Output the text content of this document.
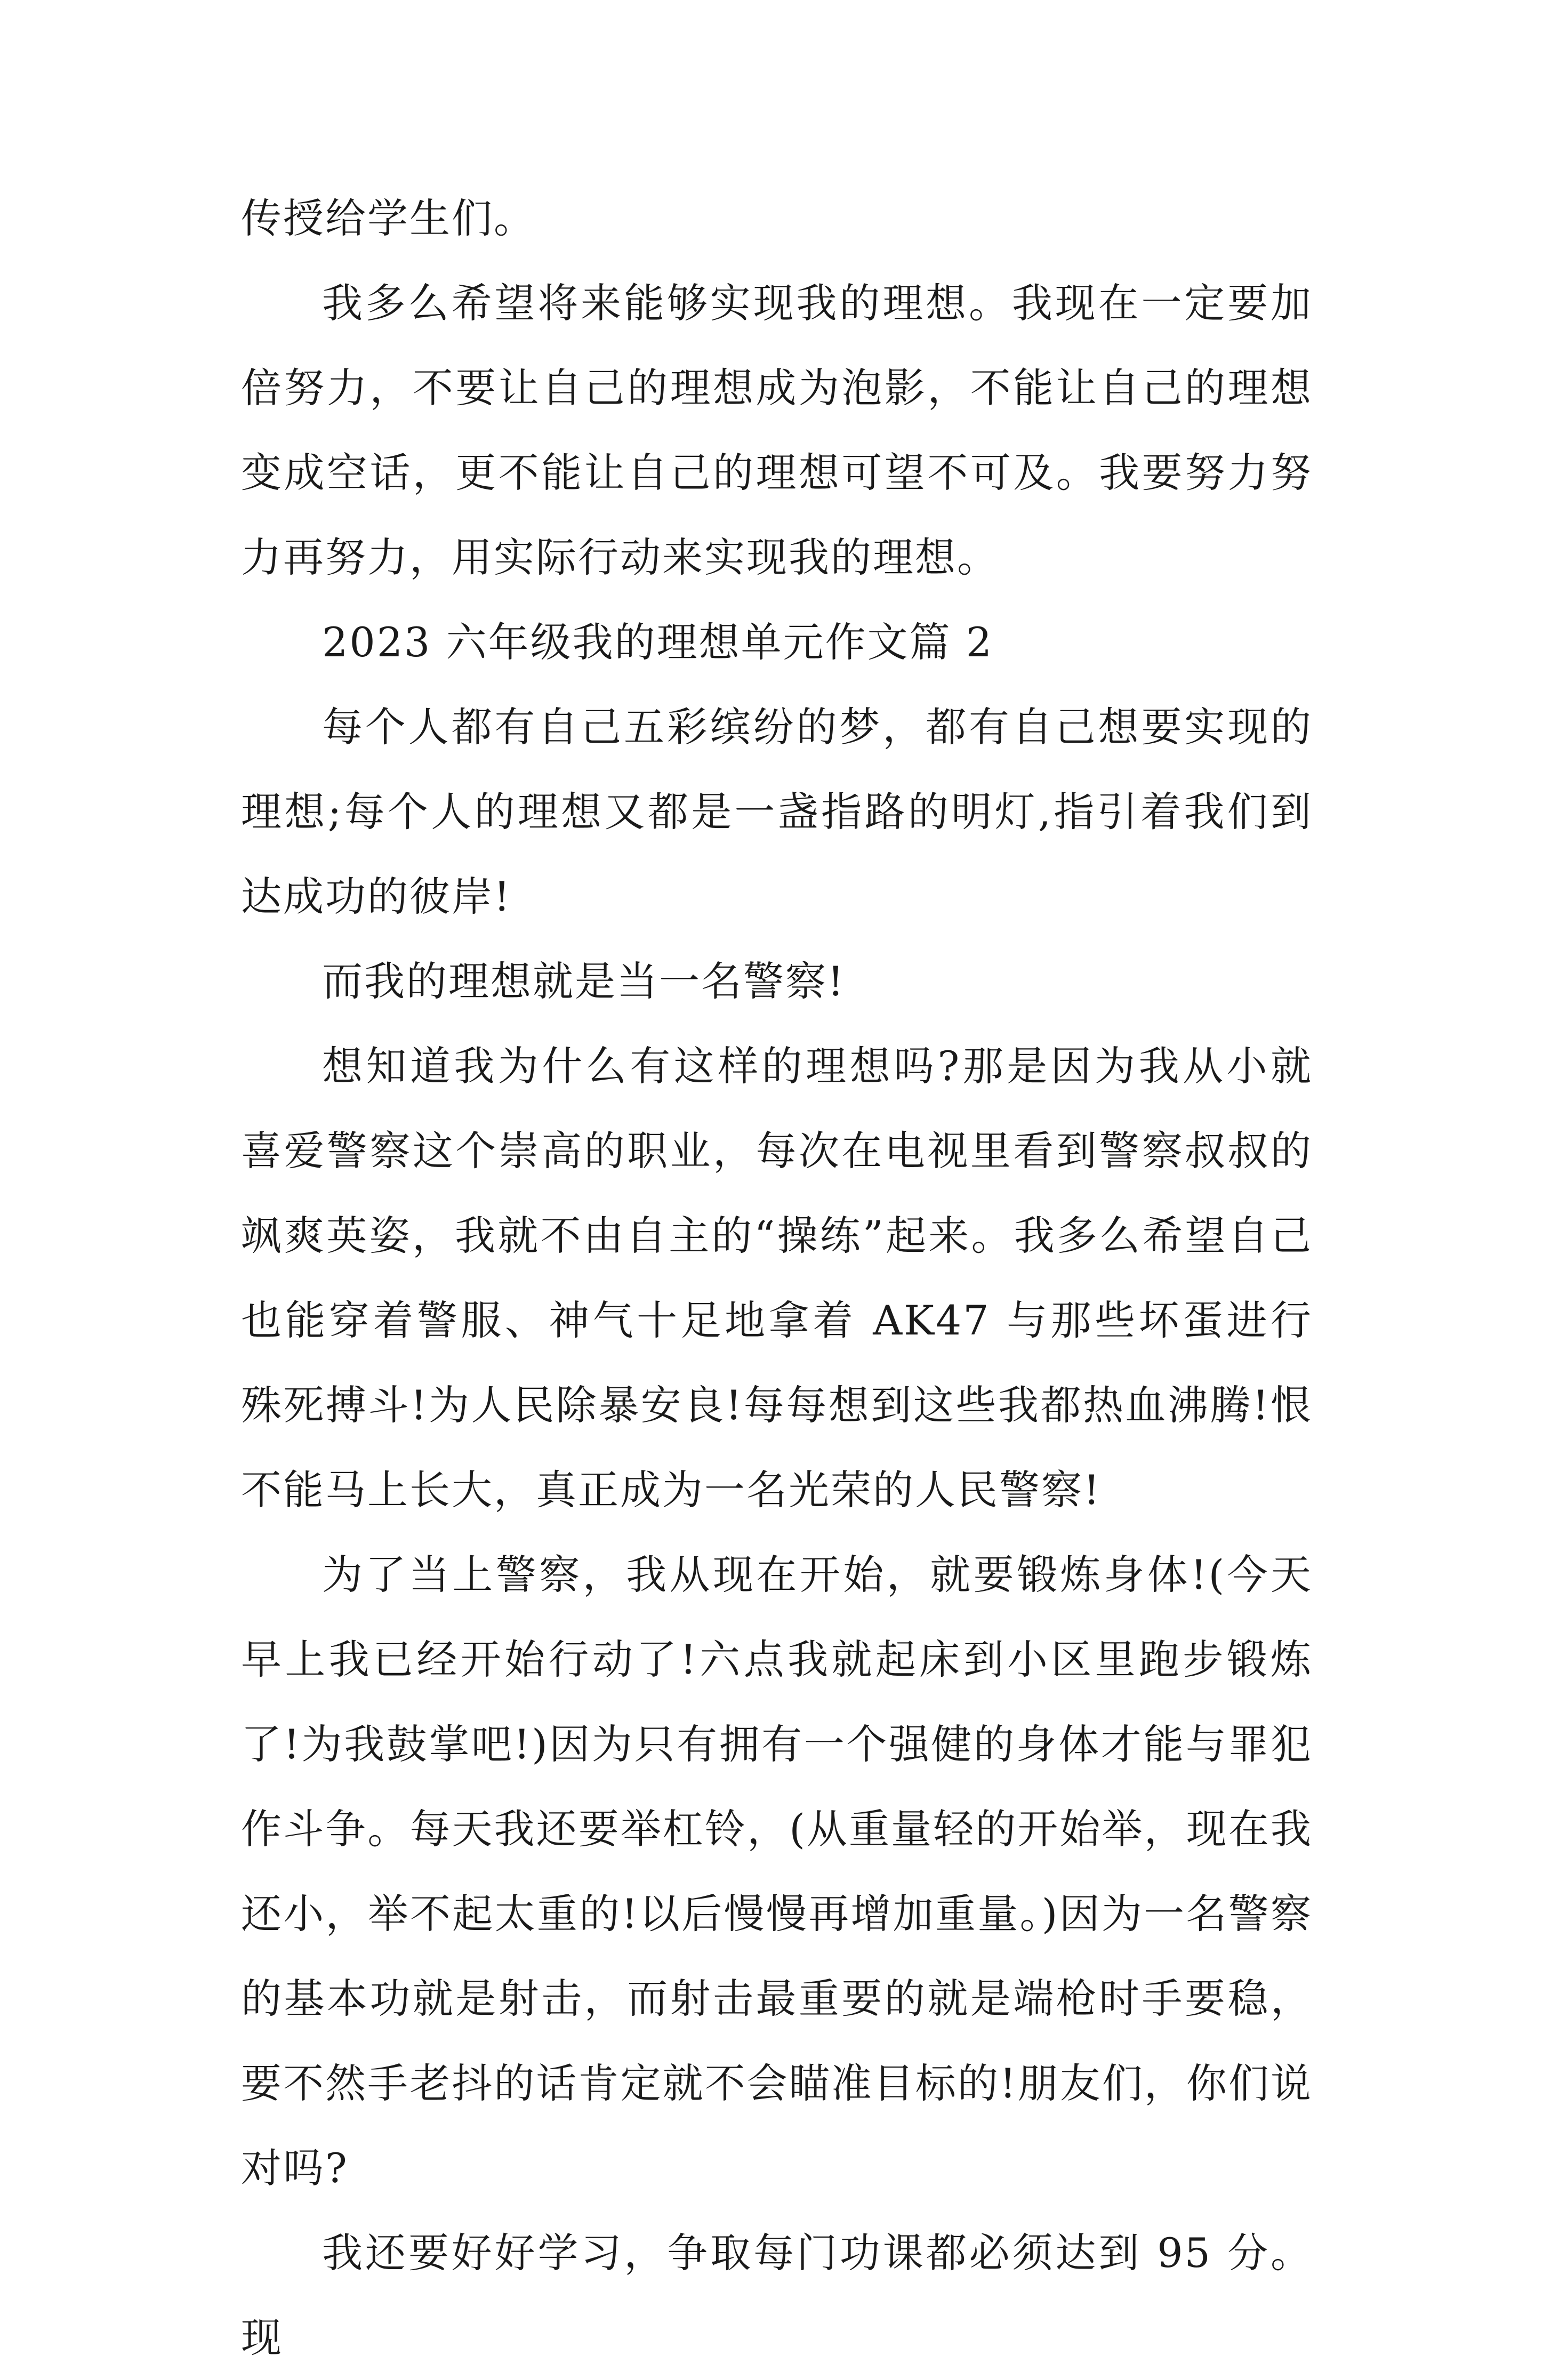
传授给学生们。

我多么希望将来能够实现我的理想。我现在一定要加倍努力，不要让自己的理想成为泡影，不能让自己的理想变成空话，更不能让自己的理想可望不可及。我要努力努力再努力，用实际行动来实现我的理想。

2023 六年级我的理想单元作文篇 2

每个人都有自己五彩缤纷的梦，都有自己想要实现的理想;每个人的理想又都是一盏指路的明灯,指引着我们到达成功的彼岸!

而我的理想就是当一名警察!

想知道我为什么有这样的理想吗?那是因为我从小就喜爱警察这个崇高的职业，每次在电视里看到警察叔叔的飒爽英姿，我就不由自主的“操练”起来。我多么希望自己也能穿着警服、神气十足地拿着 AK47 与那些坏蛋进行殊死搏斗!为人民除暴安良!每每想到这些我都热血沸腾!恨不能马上长大，真正成为一名光荣的人民警察!

为了当上警察，我从现在开始，就要锻炼身体!(今天早上我已经开始行动了!六点我就起床到小区里跑步锻炼了!为我鼓掌吧!)因为只有拥有一个强健的身体才能与罪犯作斗争。每天我还要举杠铃，(从重量轻的开始举，现在我还小，举不起太重的!以后慢慢再增加重量。)因为一名警察的基本功就是射击，而射击最重要的就是端枪时手要稳，要不然手老抖的话肯定就不会瞄准目标的!朋友们，你们说对吗?

我还要好好学习，争取每门功课都必须达到 95 分。现
